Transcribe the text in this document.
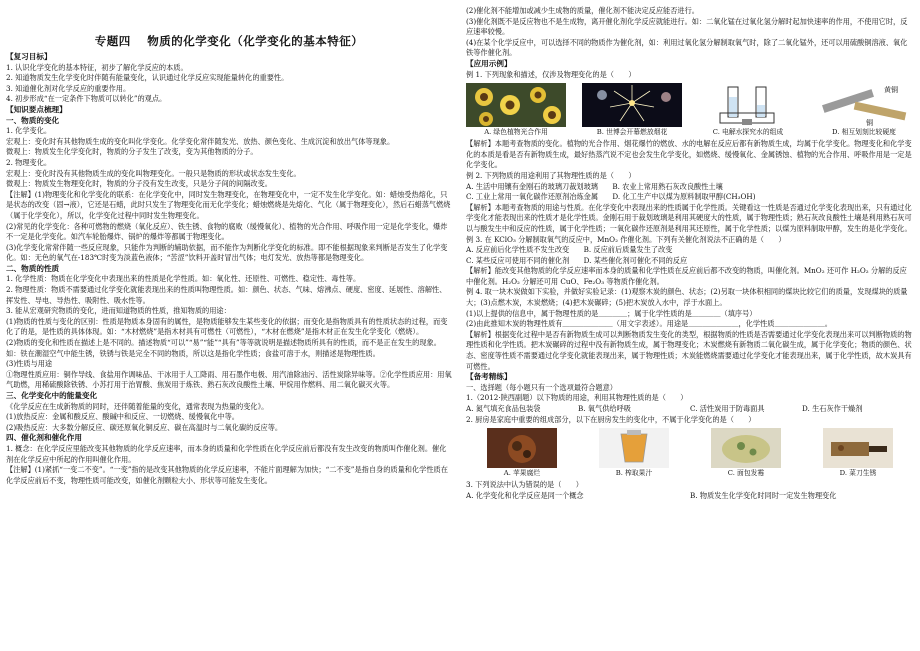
专题四　 物质的化学变化（化学变化的基本特征）

【复习目标】

1. 认识化学变化的基本特征，初步了解化学反应的本质。

2. 知道物质发生化学变化时伴随有能量变化，认识通过化学反应实现能量转化的重要性。

3. 知道催化剂对化学反应的重要作用。

4. 初步形成“在一定条件下物质可以转化”的观点。

【知识要点梳理】

一、物质的变化

1. 化学变化。

宏观上：变化时有其他物质生成的变化叫化学变化。化学变化常伴随发光、放热、颜色变化、生成沉淀和放出气体等现象。

微观上：物质发生化学变化时，物质的分子发生了改变，变为其他物质的分子。

2. 物理变化。

宏观上：变化时没有其他物质生成的变化叫物理变化。一般只是物质的形状或状态发生变化。

微观上：物质发生物理变化时，物质的分子没有发生改变，只是分子间的间隔改变。

【注解】(1)物理变化和化学变化的联系：在化学变化中，同时发生物理变化，在物理变化中，一定不发生化学变化。如：蜡烛受热熔化，只是状态的改变（固→液），它还是石蜡，此时只发生了物理变化而无化学变化；蜡烛燃烧是先熔化、气化（属于物理变化），然后石蜡蒸气燃烧（属于化学变化），所以，化学变化过程中同时发生物理变化。

(2)常见的化学变化：各种可燃物的燃烧（氧化反应）、铁生锈、食物的腐败（缓慢氧化）、植物的光合作用、呼吸作用一定是化学变化，爆炸不一定是化学变化。如汽车轮胎爆炸、锅炉的爆炸等都属于物理变化。

(3)化学变化常常伴随一些反应现象，只能作为判断的辅助依据，而不能作为判断化学变化的标准。即不能根据现象来判断是否发生了化学变化。如：无色的氧气在-183℃时变为淡蓝色液体；“苦涩”饮料开盖时冒出气体；电灯发光、放热等都是物理变化。

二、物质的性质

1. 化学性质：物质在化学变化中表现出来的性质是化学性质。如：氧化性、还原性、可燃性、稳定性、毒性等。

2. 物理性质：物质不需要通过化学变化就能表现出来的性质叫物理性质。如：颜色、状态、气味、熔沸点、硬度、密度、延展性、溶解性、挥发性、导电、导热性、吸附性、吸水性等。

3. 能从宏观研究物质的变化，进而知道物质的性质，推知物质的用途：

(1)物质的性质与变化的区别：性质是物质本身固有的属性，是物质能够发生某些变化的依据；而变化是指物质具有的性质状态的过程，而变化了的是，是性质的具体体现。如：“木材燃烧”是指木材具有可燃性（可燃性），“木材在燃烧”是指木材正在发生化学变化（燃烧）。

(2)物质的变化和性质在描述上是不同的。描述物质“可以”“易”“能”“具有”等等就说明是描述物质所具有的性质，而不是正在发生的现象。如：铁在潮湿空气中能生锈，铁锈与铁是完全不同的物质，所以这是指化学性质；食盐可溶于水，则描述是物理性质。

(3)性质与用途

①物理性质应用：铜作导线、食盐用作调味品、干冰用于人工降雨、用石墨作电极、用汽油除油污、活性炭除异味等。②化学性质应用：用氧气助燃，用稀硫酸除铁锈、小苏打用于治胃酸、焦炭用于炼铁、熟石灰改良酸性土壤、甲烷用作燃料、用二氧化碳灭火等。

三、化学变化中的能量变化

《化学反应在生成新物质的同时，还伴随着能量的变化，通常表现为热量的变化》。

(1)放热反应：金属和酸反应、酸碱中和反应、一切燃烧、缓慢氧化中等。

(2)吸热反应：大多数分解反应、碳还原氧化铜反应、碳在高温时与二氧化碳的反应等。

四、催化剂和催化作用

1. 概念：在化学反应里能改变其他物质的化学反应速率，而本身的质量和化学性质在化学反应前后都没有发生改变的物质叫作催化剂。催化剂在化学反应中所起的作用叫催化作用。

【注解】(1)紧抓“一变二不变”。“一变”指的是改变其他物质的化学反应速率，不能片面理解为加快；“二不变”是指自身的质量和化学性质在化学反应前后不变，物理性质可能改变，如催化剂颗粒大小、形状等可能发生变化。

(2)催化剂不能增加或减少生成物的质量，催化剂不能决定反应能否进行。

(3)催化剂既不是反应物也不是生成物，离开催化剂化学反应就能进行。如：二氧化锰在过氧化氢分解时起加快速率的作用，不使用它时，反应速率较慢。

(4)在某个化学反应中，可以选择不同的物质作为催化剂，如：利用过氧化氢分解制取氧气时，除了二氧化锰外，还可以用硫酸铜溶液、氧化铁等作催化剂。

【应用示例】

例 1. 下列现象和描述，仅涉及物理变化的是（　　）

A. 绿色植物光合作用	B. 世博会开幕燃放烟花	C. 电解水探究水的组成
黄铜
铜
D. 相互划刻比较硬度

【解析】本题考查物质的变化。植物的光合作用、烟花爆竹的燃放、水的电解在反应后都有新物质生成，均属于化学变化。物理变化和化学变化的本质是看是否有新物质生成，最好热蒸汽说不定也会发生化学变化，如燃烧、缓慢氧化、金属锈蚀、植物的光合作用、呼吸作用是一定是化学变化。

例 2. 下列物质的用途利用了其物理性质的是（　　）

A. 生活中用镶有金刚石的玻璃刀裁划玻璃　　B. 农业上常用熟石灰改良酸性土壤

C. 工业上常用一氧化碳作还原剂冶炼金属　　D. 化工生产中以煤为原料制取甲醇(CH₃OH)

【解析】本题考查物质的用途与性质。在化学变化中表现出来的性质属于化学性质。关键看这一性质是否通过化学变化表现出来，只有通过化学变化才能表现出来的性质才是化学性质。金刚石用于裁划玻璃是利用其硬度大的性质，属于物理性质；熟石灰改良酸性土壤是利用熟石灰可以与酸发生中和反应的性质，属于化学性质；一氧化碳作还原剂是利用其还原性，属于化学性质；以煤为原料制取甲醇，发生的是化学变化。

例 3. 在 KClO₃ 分解制取氧气的反应中，MnO₂ 作催化剂。下列有关催化剂说法不正确的是（　　）

A. 反应前后化学性质不发生改变　　B. 反应前后质量发生了改变

C. 某些反应可使用不同的催化剂　　D. 某些催化剂可催化不同的反应

【解析】能改变其他物质的化学反应速率而本身的质量和化学性质在反应前后都不改变的物质，叫催化剂。MnO₂ 还可作 H₂O₂ 分解的反应中催化剂。H₂O₂ 分解还可用 CuO、Fe₂O₃ 等物质作催化剂。

例 4. 取一块木炭做如下实验，并做好实验记录：(1)观察木炭的颜色、状态；(2)另取一块体积相同的煤块比较它们的质量，发现煤块的质量大；(3)点燃木炭，木炭燃烧；(4)把木炭碾碎；(5)把木炭放入水中，浮于水面上。

(1)以上提供的信息中，属于物理性质的是＿＿＿＿；属于化学性质的是＿＿＿＿（填序号）

(2)由此推知木炭的物理性质有＿＿＿＿＿＿＿（用文字表述）。用途是＿＿＿＿＿＿＿，化学性质＿＿＿＿＿＿＿。

【解析】根据变化过程中是否有新物质生成可以判断物质发生变化的类型，根据物质的性质是否需要通过化学变化表现出来可以判断物质的物理性质和化学性质。把木炭碾碎的过程中没有新物质生成，属于物理变化；木炭燃烧有新物质二氧化碳生成，属于化学变化；物质的颜色、状态、密度等性质不需要通过化学变化就能表现出来，属于物理性质；木炭能燃烧需要通过化学变化才能表现出来，属于化学性质，故木炭具有可燃性。

【备考精练】

一、选择题（每小题只有一个选项最符合题意）

1.（2012·陕西副题）以下物质的用途，利用其物理性质的是（　　）

A. 氮气填充食品包装袋	B. 氧气供给呼吸	C. 活性炭用于防毒面具	D. 生石灰作干燥剂

2. 厨房是家庭中重要的组成部分，以下在厨房发生的变化中，不属于化学变化的是（　　）

A. 苹果腐烂	B. 榨取果汁	C. 面包发霉	D. 菜刀生锈

3. 下列说法中认为错误的是（　　）

A. 化学变化和化学反应是同一个概念	B. 物质发生化学变化时同时一定发生物理变化
